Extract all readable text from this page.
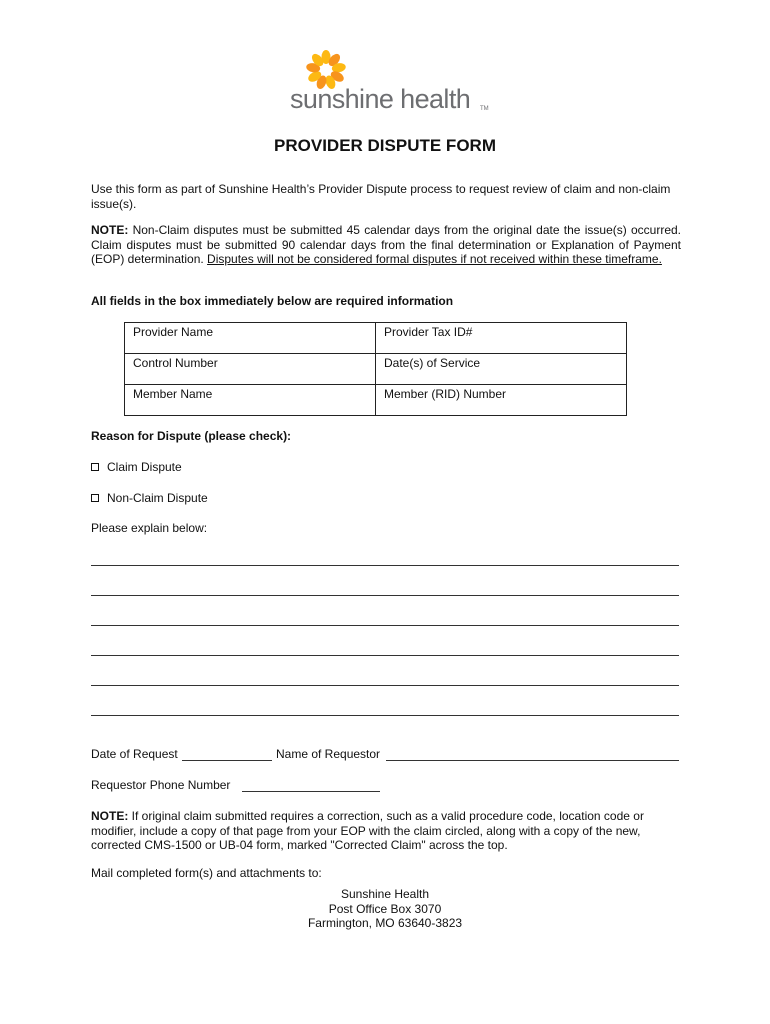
sunshine health TM
PROVIDER DISPUTE FORM
Use this form as part of Sunshine Health’s Provider Dispute process to request review of claim and non-claim issue(s).
NOTE: Non-Claim disputes must be submitted 45 calendar days from the original date the issue(s) occurred. Claim disputes must be submitted 90 calendar days from the final determination or Explanation of Payment (EOP) determination. Disputes will not be considered formal disputes if not received within these timeframe.
All fields in the box immediately below are required information
Provider Name	Provider Tax ID#
Control Number	Date(s) of Service
Member Name	Member (RID) Number
Reason for Dispute (please check):
Claim Dispute
Non-Claim Dispute
Please explain below:
Date of Request	Name of Requestor
Requestor Phone Number
NOTE: If original claim submitted requires a correction, such as a valid procedure code, location code or modifier, include a copy of that page from your EOP with the claim circled, along with a copy of the new, corrected CMS-1500 or UB-04 form, marked "Corrected Claim" across the top.
Mail completed form(s) and attachments to:
Sunshine Health
Post Office Box 3070
Farmington, MO 63640-3823
